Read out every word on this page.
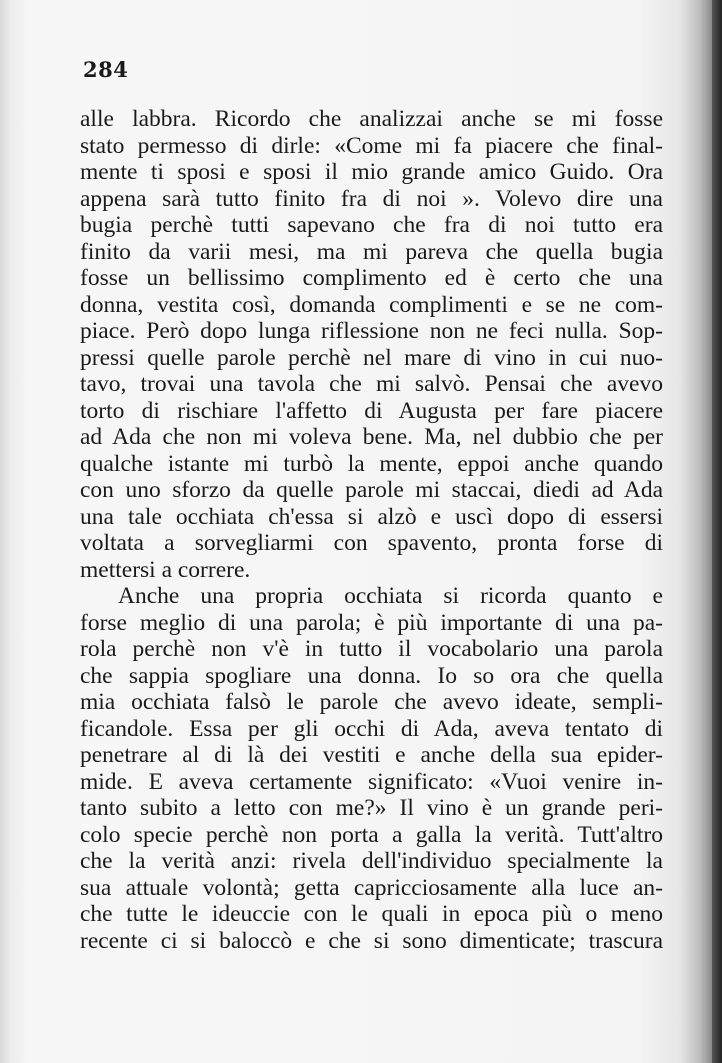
284
alle labbra. Ricordo che analizzai anche se mi fosse
stato permesso di dirle: «Come mi fa piacere che final-
mente ti sposi e sposi il mio grande amico Guido. Ora
appena sarà tutto finito fra di noi ». Volevo dire una
bugia perchè tutti sapevano che fra di noi tutto era
finito da varii mesi, ma mi pareva che quella bugia
fosse un bellissimo complimento ed è certo che una
donna, vestita così, domanda complimenti e se ne com-
piace. Però dopo lunga riflessione non ne feci nulla. Sop-
pressi quelle parole perchè nel mare di vino in cui nuo-
tavo, trovai una tavola che mi salvò. Pensai che avevo
torto di rischiare l'affetto di Augusta per fare piacere
ad Ada che non mi voleva bene. Ma, nel dubbio che per
qualche istante mi turbò la mente, eppoi anche quando
con uno sforzo da quelle parole mi staccai, diedi ad Ada
una tale occhiata ch'essa si alzò e uscì dopo di essersi
voltata a sorvegliarmi con spavento, pronta forse di
mettersi a correre.
Anche una propria occhiata si ricorda quanto e
forse meglio di una parola; è più importante di una pa-
rola perchè non v'è in tutto il vocabolario una parola
che sappia spogliare una donna. Io so ora che quella
mia occhiata falsò le parole che avevo ideate, sempli-
ficandole. Essa per gli occhi di Ada, aveva tentato di
penetrare al di là dei vestiti e anche della sua epider-
mide. E aveva certamente significato: «Vuoi venire in-
tanto subito a letto con me?» Il vino è un grande peri-
colo specie perchè non porta a galla la verità. Tutt'altro
che la verità anzi: rivela dell'individuo specialmente la
sua attuale volontà; getta capricciosamente alla luce an-
che tutte le ideuccie con le quali in epoca più o meno
recente ci si baloccò e che si sono dimenticate; trascura
